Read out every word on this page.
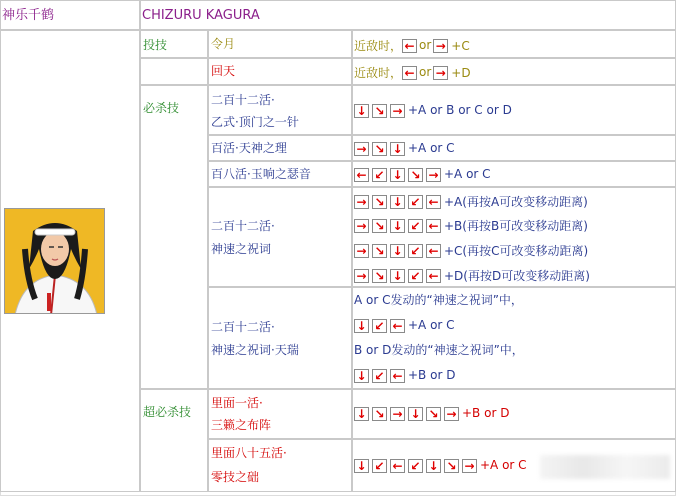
神乐千鹤	CHIZURU KAGURA
投技
必杀技
超必杀技
令月
回天
二百十二活·
乙式·顶门之一针
百活·天神之理
百八活·玉响之瑟音
二百十二活·
神速之祝词
二百十二活·
神速之祝词·天瑞
里面一活·
三籁之布阵
里面八十五活·
零技之础
近敌时， ← or → +C
近敌时， ← or → +D
↓ ↘ → +A or B or C or D
→ ↘ ↓ +A or C
← ↙ ↓ ↘ → +A or C
→ ↘ ↓ ↙ ← +A(再按A可改变移动距离)
→ ↘ ↓ ↙ ← +B(再按B可改变移动距离)
→ ↘ ↓ ↙ ← +C(再按C可改变移动距离)
→ ↘ ↓ ↙ ← +D(再按D可改变移动距离)
A or C发动的“神速之祝词”中，
↓ ↙ ← +A or C
B or D发动的“神速之祝词”中，
↓ ↙ ← +B or D
↓ ↘ → ↓ ↘ → +B or D
↓ ↙ ← ↙ ↓ ↘ → +A or C
